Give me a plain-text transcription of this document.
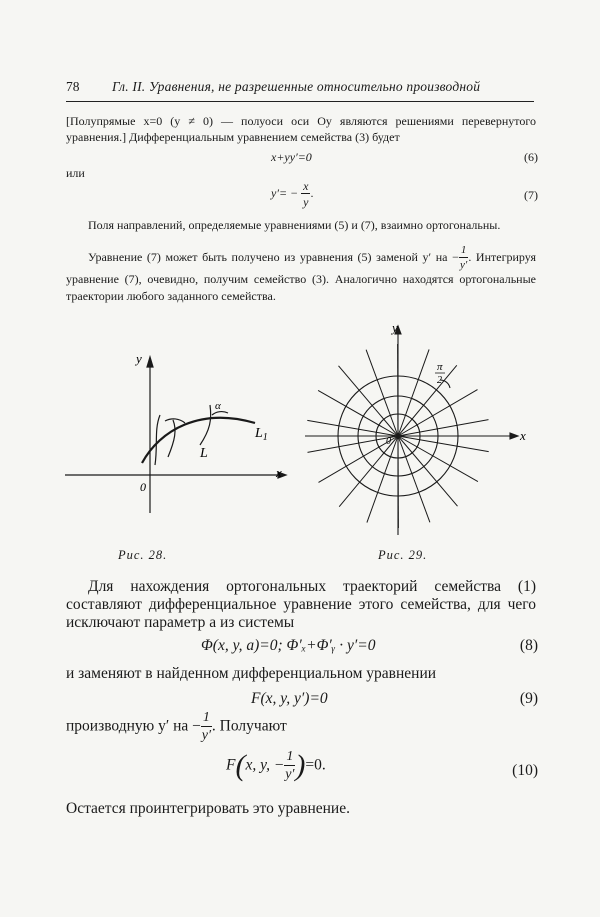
78 Гл. II. Уравнения, не разрешенные относительно производной
[Полупрямые x=0 (y ≠ 0) — полуоси оси Oy являются решениями перевернутого уравнения.] Дифференциальным уравнением семейства (3) будет
x+yy′=0	(6)
или
$y'= - \frac{x}{y}$ .	(7)
Поля направлений, определяемые уравнениями (5) и (7), взаимно ортогональны.
Уравнение (7) может быть получено из уравнения (5) заменой y′ на − $\frac{1}{y'}$ . Интегрируя уравнение (7), очевидно, получим семейство (3). Аналогично находятся ортогональные траектории любого заданного семейства.
y
x
0
α
L
$L_1$
Рис. 28.
y
x
0
π
2
Рис. 29.
Для нахождения ортогональных траекторий семейства (1) составляют дифференциальное уравнение этого семейства, для чего исключают параметр a из системы
Φ(x, y, a)=0; Φ′ₓ+Φ′ᵧ · y′=0	(8)
и заменяют в найденном дифференциальном уравнении
F(x, y, y′)=0	(9)
производную y′ на − $\frac{1}{y'}$ . Получают
F(x, y, − $\frac{1}{y'} )=0$.	(10)
Остается проинтегрировать это уравнение.
